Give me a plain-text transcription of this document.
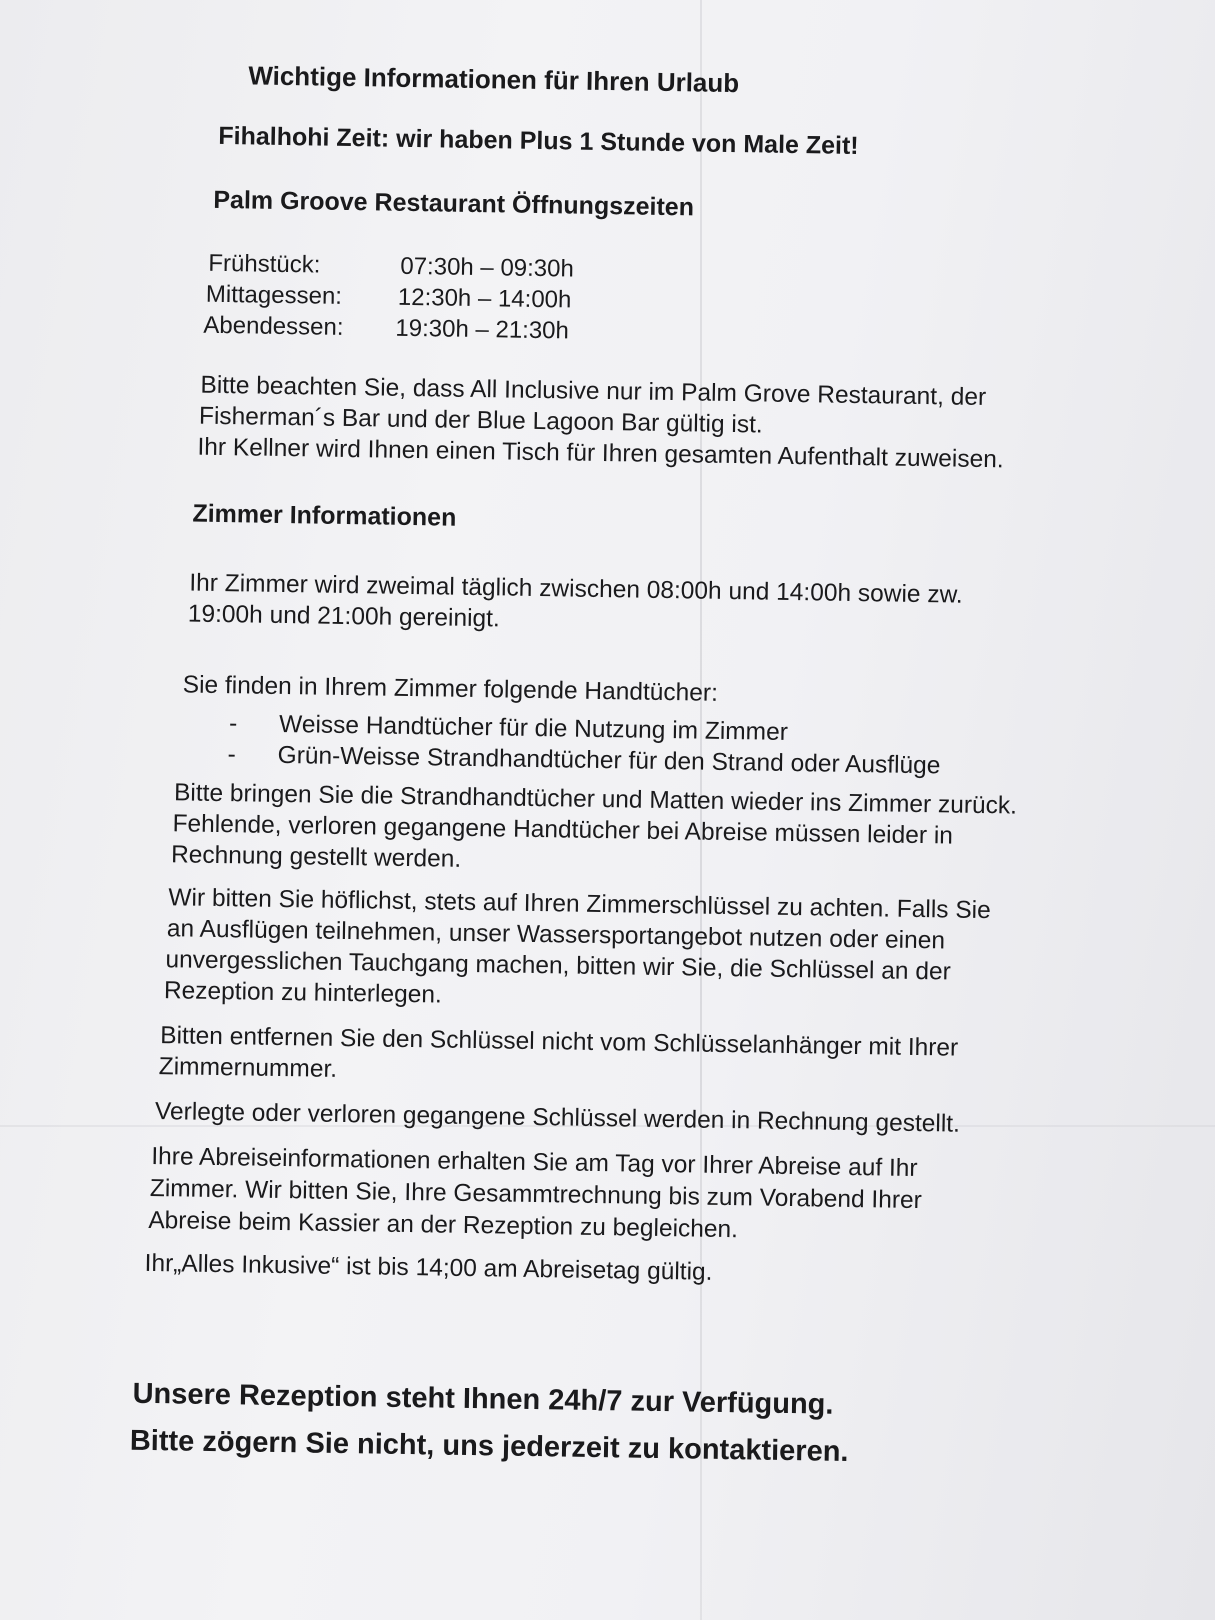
Wichtige Informationen für Ihren Urlaub

Fihalhohi Zeit: wir haben Plus 1 Stunde von Male Zeit!

Palm Groove Restaurant Öffnungszeiten

Frühstück:	07:30h – 09:30h
Mittagessen: 12:30h – 14:00h
Abendessen: 19:30h – 21:30h

Bitte beachten Sie, dass All Inclusive nur im Palm Grove Restaurant, der

Fisherman´s Bar und der Blue Lagoon Bar gültig ist.

Ihr Kellner wird Ihnen einen Tisch für Ihren gesamten Aufenthalt zuweisen.

Zimmer Informationen

Ihr Zimmer wird zweimal täglich zwischen 08:00h und 14:00h sowie zw.

19:00h und 21:00h gereinigt.

Sie finden in Ihrem Zimmer folgende Handtücher:

- Weisse Handtücher für die Nutzung im Zimmer
- Grün-Weisse Strandhandtücher für den Strand oder Ausflüge

Bitte bringen Sie die Strandhandtücher und Matten wieder ins Zimmer zurück.

Fehlende, verloren gegangene Handtücher bei Abreise müssen leider in

Rechnung gestellt werden.

Wir bitten Sie höflichst, stets auf Ihren Zimmerschlüssel zu achten. Falls Sie

an Ausflügen teilnehmen, unser Wassersportangebot nutzen oder einen

unvergesslichen Tauchgang machen, bitten wir Sie, die Schlüssel an der

Rezeption zu hinterlegen.

Bitten entfernen Sie den Schlüssel nicht vom Schlüsselanhänger mit Ihrer

Zimmernummer.

Verlegte oder verloren gegangene Schlüssel werden in Rechnung gestellt.

Ihre Abreiseinformationen erhalten Sie am Tag vor Ihrer Abreise auf Ihr

Zimmer. Wir bitten Sie, Ihre Gesammtrechnung bis zum Vorabend Ihrer

Abreise beim Kassier an der Rezeption zu begleichen.

Ihr„Alles Inkusive“ ist bis 14;00 am Abreisetag gültig.

Unsere Rezeption steht Ihnen 24h/7 zur Verfügung.

Bitte zögern Sie nicht, uns jederzeit zu kontaktieren.
